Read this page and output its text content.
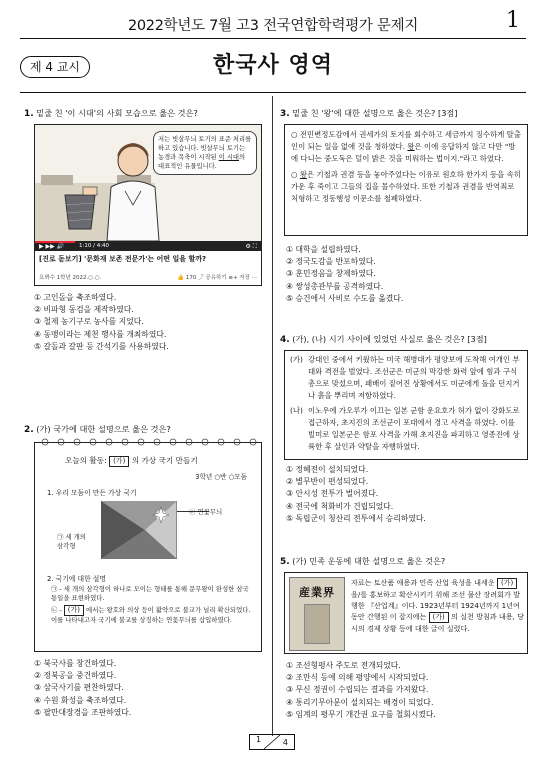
2022학년도 7월 고3 전국연합학력평가 문제지	1
제 4 교시	한국사 영역
1. 밑줄 친 '이 시대'의 사회 모습으로 옳은 것은?
저는 빗살무늬 토기의 표준 처리를 하고 있습니다. 빗살무늬 토기는 농경과 목축이 시작된 이 시대의 대표적인 유물입니다.
▶ ▶▶ 🔊	1:10 / 4:40	⚙ ⛶
[진로 돋보기] '문화재 보존 전문가'는 어떤 일을 할까?
요봐수 1학년 2022.○.○.	👍 170 ⤴ 공유하기 ≡+ 저장 ···
① 고인돌을 축조하였다.
② 비파형 동검을 제작하였다.
③ 철제 농기구로 농사를 지었다.
④ 동맹이라는 제천 행사를 개최하였다.
⑤ 갈돌과 갈판 등 간석기를 사용하였다.
2. (가) 국가에 대한 설명으로 옳은 것은?
오늘의 활동: (가) 의 가상 국기 만들기
3학년 ○반 ○모둠
1. 우리 모둠이 만든 가상 국기
ⓒ 연꽃무늬
㉠ 세 개의
삼각형
2. 국기에 대한 설명
㉠ - 세 개의 삼각형이 하나로 모이는 형태를 통해 문무왕이 완성한 삼국 통일을 표현하였다.
㉡ - (가) 에서는 왕호와 의상 등이 활약으로 불교가 널리 확산되었다. 이를 나타내고자 국기에 불교를 상징하는 연꽃무늬를 삽입하였다.
① 북국사를 창건하였다.
② 정북공을 중건하였다.
③ 삼국사기를 편찬하였다.
④ 수원 화성을 축조하였다.
⑤ 팔만대장경을 조판하였다.
3. 밑줄 친 '왕'에 대한 설명으로 옳은 것은? [3점]
○ 전민변정도감에서 권세가의 토지를 회수하고 세금까지 징수하게 탈출인이 되는 일을 없애 것을 청하였다. 왕은 이에 응답하지 않고 다만 "방에 다니는 중도둑은 덜이 밝은 것을 미워하는 법이지."라고 하였다.
○ 왕은 기철과 권겸 등을 놓아주었다는 이유로 원호하 한가지 등을 속히 가운 후 죽이고 그들의 집을 몰수하였다. 또한 기철과 권겸을 반역죄로 처형하고 정동행성 이문소를 철폐하였다.
① 대학을 설립하였다.
② 정국도감을 반포하였다.
③ 훈민정음을 창제하였다.
④ 쌍성총관부를 공격하였다.
⑤ 승건에서 사비로 수도를 옮겼다.
4. (가), (나) 시기 사이에 있었던 사실로 옳은 것은? [3점]
(가) 강대인 중에서 키웠하는 미국 해병대가 평양보에 도착해 여개인 부대와 격전을 벌였다. 조선군은 미군의 막강한 화력 앞에 힘과 구식 총으로 맞섰으며, 패배이 짙어진 상황에서도 미군에게 돌을 던지거나 흙을 뿌리며 저항하였다.
(나) 이노우에 가오루가 이끄는 일본 군함 운요호가 허가 없이 강화도로 접근하자, 초지진의 조선군이 포대에서 경고 사격을 하였다. 이를 빌미로 일본군은 함포 사격을 가해 초지진을 파괴하고 영종진에 상륙한 후 살인과 약탈을 자행하였다.
① 정혜전이 설치되었다.
② 별무반이 편성되었다.
③ 안시성 전투가 벌어졌다.
④ 전국에 척화비가 건립되었다.
⑤ 독립군이 청산리 전투에서 승리하였다.
5. (가) 민족 운동에 대한 설명으로 옳은 것은?
産業界
자료는 토산품 애용과 민족 산업 육성을 내세운 (가) 을/를 홍보하고 확산시키기 위해 조선 물산 장려회가 발행한 『산업계』이다. 1923년부터 1924년까지 1년여 동안 간행된 이 잡지에는 (가) 의 실천 방침과 내용, 당시의 경제 상황 등에 대한 글이 실렸다.
① 조선형평사 주도로 전개되었다.
② 조만식 등에 의해 평양에서 시작되었다.
③ 무신 정권이 수립되는 결과를 가져왔다.
④ 통리기무아문이 설치되는 배경이 되었다.
⑤ 임계의 평무기 개간권 요구를 철회시켰다.
1	4
